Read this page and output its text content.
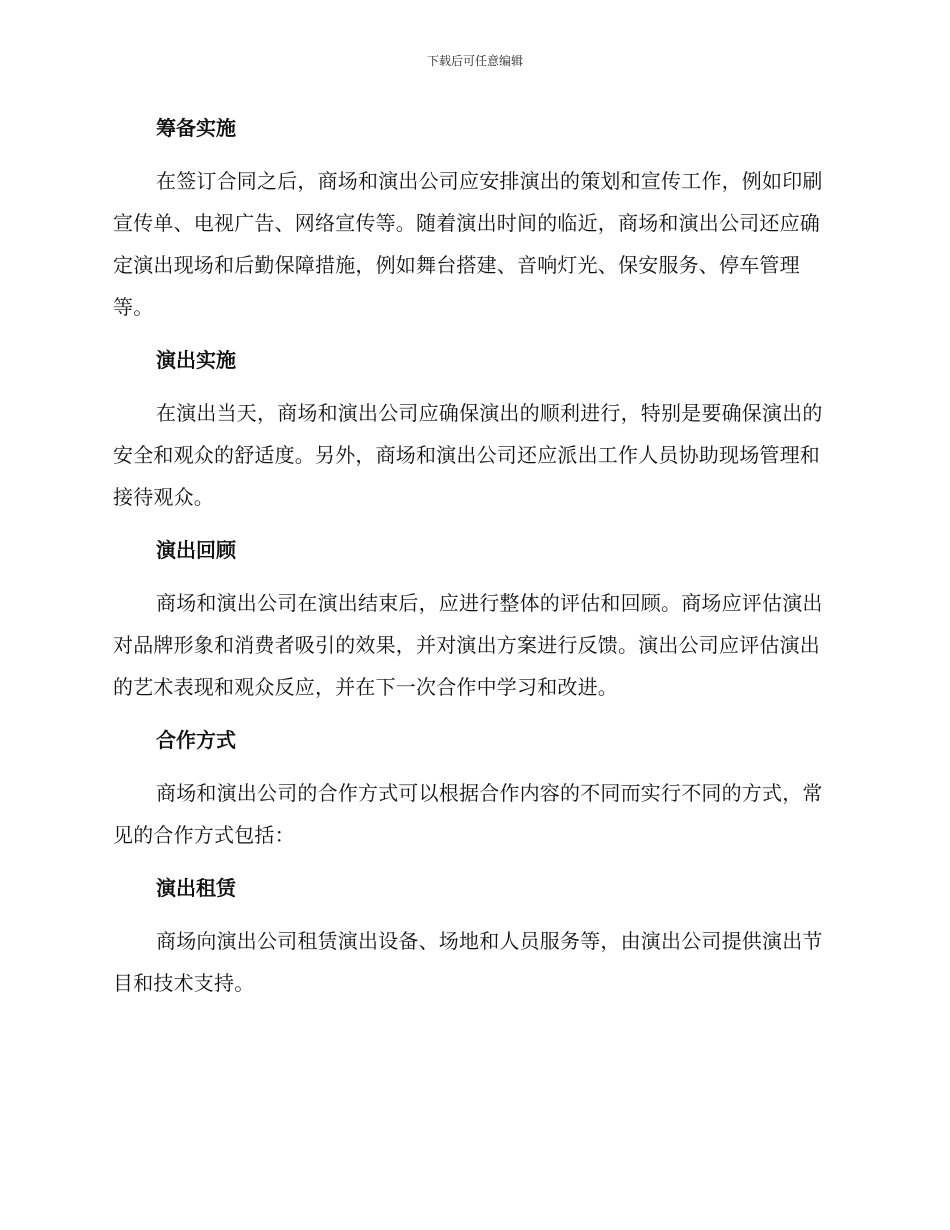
下载后可任意编辑
筹备实施

在签订合同之后，商场和演出公司应安排演出的策划和宣传工作，例如印刷宣传单、电视广告、网络宣传等。随着演出时间的临近，商场和演出公司还应确定演出现场和后勤保障措施，例如舞台搭建、音响灯光、保安服务、停车管理等。

演出实施

在演出当天，商场和演出公司应确保演出的顺利进行，特别是要确保演出的安全和观众的舒适度。另外，商场和演出公司还应派出工作人员协助现场管理和接待观众。

演出回顾

商场和演出公司在演出结束后，应进行整体的评估和回顾。商场应评估演出对品牌形象和消费者吸引的效果，并对演出方案进行反馈。演出公司应评估演出的艺术表现和观众反应，并在下一次合作中学习和改进。

合作方式

商场和演出公司的合作方式可以根据合作内容的不同而实行不同的方式，常见的合作方式包括：

演出租赁

商场向演出公司租赁演出设备、场地和人员服务等，由演出公司提供演出节目和技术支持。
